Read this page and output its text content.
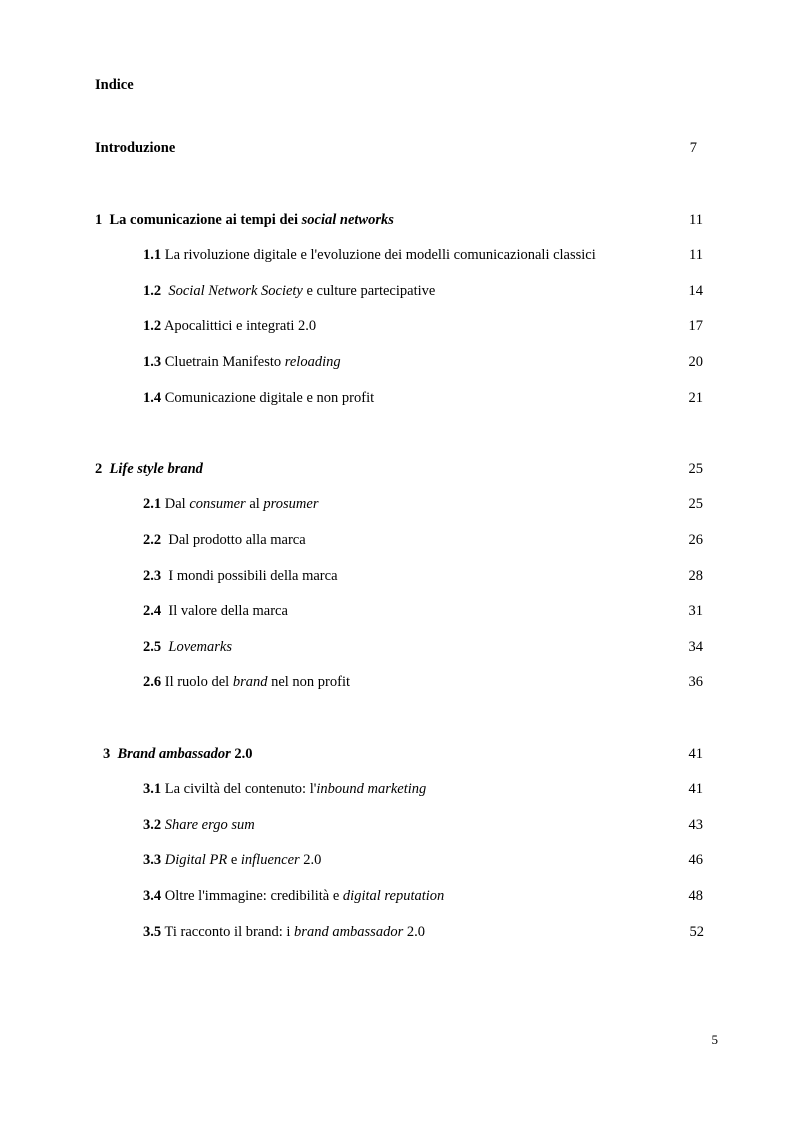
Indice
Introduzione	7
1 La comunicazione ai tempi dei social networks	11
1.1 La rivoluzione digitale e l'evoluzione dei modelli comunicazionali classici	11
1.2 Social Network Society e culture partecipative	14
1.2 Apocalittici e integrati 2.0	17
1.3 Cluetrain Manifesto reloading	20
1.4 Comunicazione digitale e non profit	21
2 Life style brand	25
2.1 Dal consumer al prosumer	25
2.2 Dal prodotto alla marca	26
2.3 I mondi possibili della marca	28
2.4 Il valore della marca	31
2.5 Lovemarks	34
2.6 Il ruolo del brand nel non profit	36
3 Brand ambassador 2.0	41
3.1 La civiltà del contenuto: l'inbound marketing	41
3.2 Share ergo sum	43
3.3 Digital PR e influencer 2.0	46
3.4 Oltre l'immagine: credibilità e digital reputation	48
3.5 Ti racconto il brand: i brand ambassador 2.0	52
5
